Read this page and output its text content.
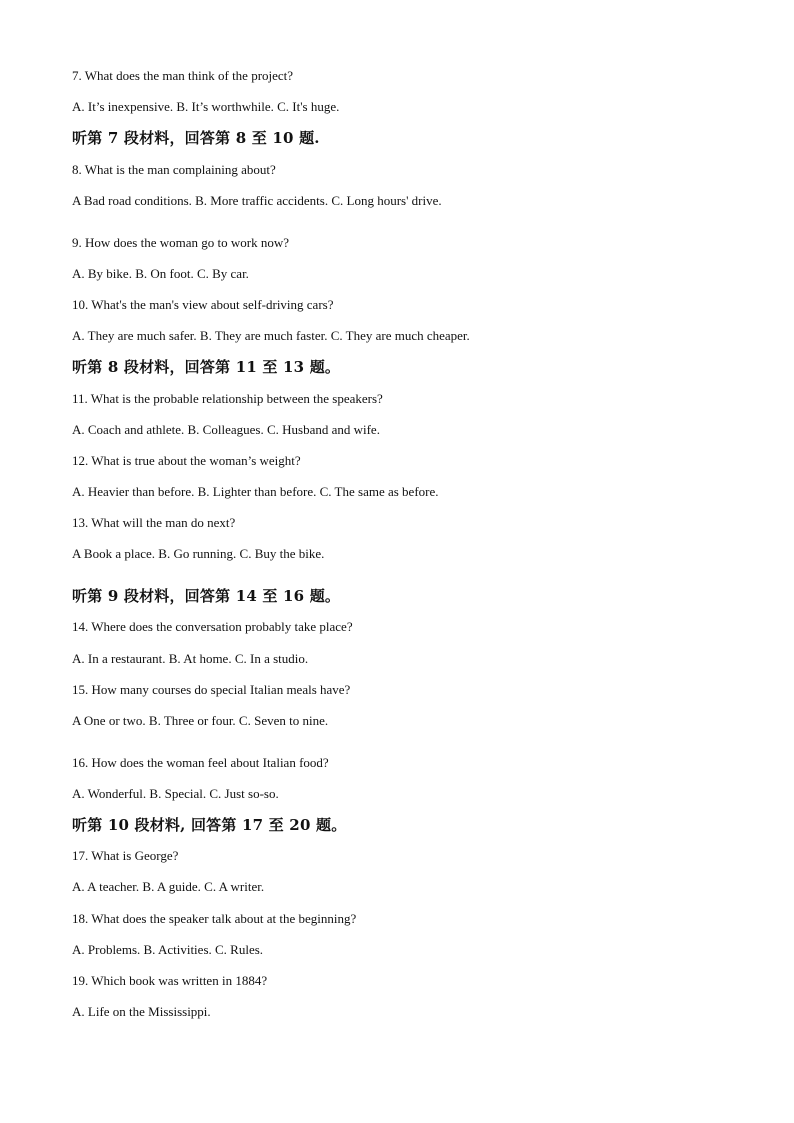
7. What does the man think of the project?
A. It’s inexpensive. B. It’s worthwhile. C. It's huge.
听第 7 段材料，回答第 8 至 10 题.
8. What is the man complaining about?
A Bad road conditions. B. More traffic accidents. C. Long hours' drive.
9. How does the woman go to work now?
A. By bike. B. On foot. C. By car.
10. What's the man's view about self-driving cars?
A. They are much safer. B. They are much faster. C. They are much cheaper.
听第 8 段材料，回答第 11 至 13 题。
11. What is the probable relationship between the speakers?
A. Coach and athlete. B. Colleagues. C. Husband and wife.
12. What is true about the woman’s weight?
A. Heavier than before. B. Lighter than before. C. The same as before.
13. What will the man do next?
A Book a place. B. Go running. C. Buy the bike.
听第 9 段材料，回答第 14 至 16 题。
14. Where does the conversation probably take place?
A. In a restaurant. B. At home. C. In a studio.
15. How many courses do special Italian meals have?
A One or two. B. Three or four. C. Seven to nine.
16. How does the woman feel about Italian food?
A. Wonderful. B. Special. C. Just so-so.
听第 10 段材料, 回答第 17 至 20 题。
17. What is George?
A. A teacher. B. A guide. C. A writer.
18. What does the speaker talk about at the beginning?
A. Problems. B. Activities. C. Rules.
19. Which book was written in 1884?
A. Life on the Mississippi.
